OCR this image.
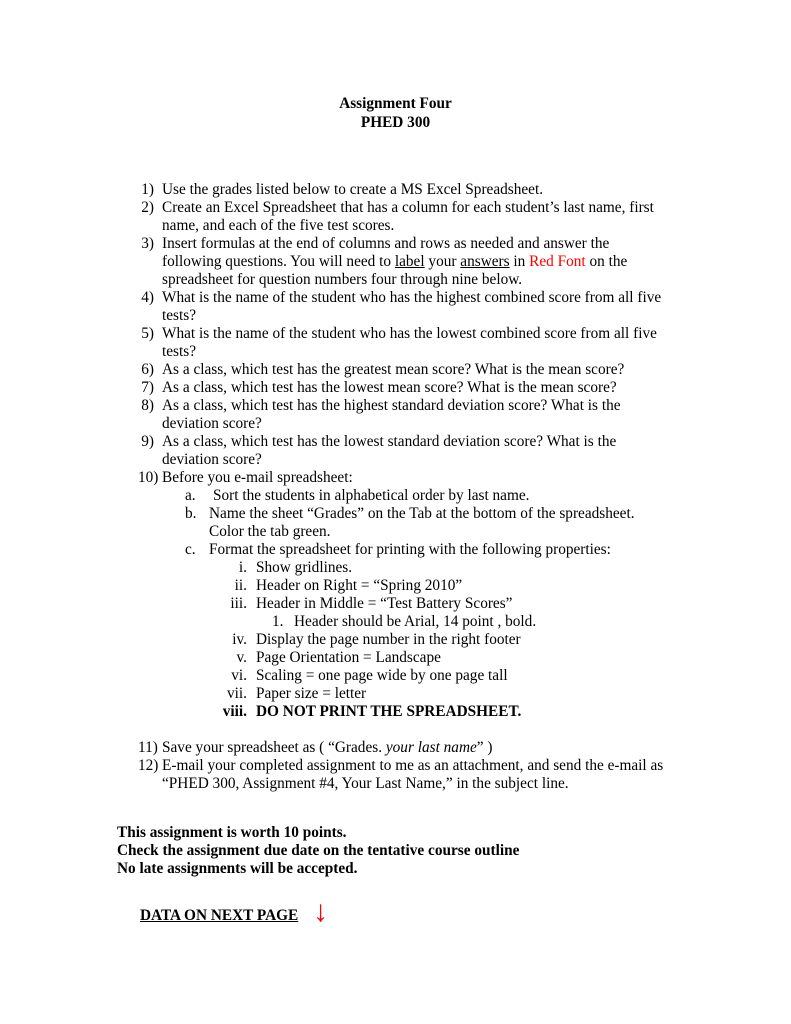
Assignment Four
PHED 300
1) Use the grades listed below to create a MS Excel Spreadsheet.
2) Create an Excel Spreadsheet that has a column for each student’s last name, first
name, and each of the five test scores.
3) Insert formulas at the end of columns and rows as needed and answer the
following questions. You will need to label your answers in Red Font on the
spreadsheet for question numbers four through nine below.
4) What is the name of the student who has the highest combined score from all five
tests?
5) What is the name of the student who has the lowest combined score from all five
tests?
6) As a class, which test has the greatest mean score? What is the mean score?
7) As a class, which test has the lowest mean score? What is the mean score?
8) As a class, which test has the highest standard deviation score? What is the
deviation score?
9) As a class, which test has the lowest standard deviation score? What is the
deviation score?
10) Before you e-mail spreadsheet:
a. Sort the students in alphabetical order by last name.
b. Name the sheet “Grades” on the Tab at the bottom of the spreadsheet.
Color the tab green.
c. Format the spreadsheet for printing with the following properties:
i. Show gridlines.
ii. Header on Right = “Spring 2010”
iii. Header in Middle = “Test Battery Scores”
1. Header should be Arial, 14 point , bold.
iv. Display the page number in the right footer
v. Page Orientation = Landscape
vi. Scaling = one page wide by one page tall
vii. Paper size = letter
viii. DO NOT PRINT THE SPREADSHEET.
11) Save your spreadsheet as ( “Grades. your last name” )
12) E-mail your completed assignment to me as an attachment, and send the e-mail as
“PHED 300, Assignment #4, Your Last Name,” in the subject line.
This assignment is worth 10 points.
Check the assignment due date on the tentative course outline
No late assignments will be accepted.
DATA ON NEXT PAGE ↓
